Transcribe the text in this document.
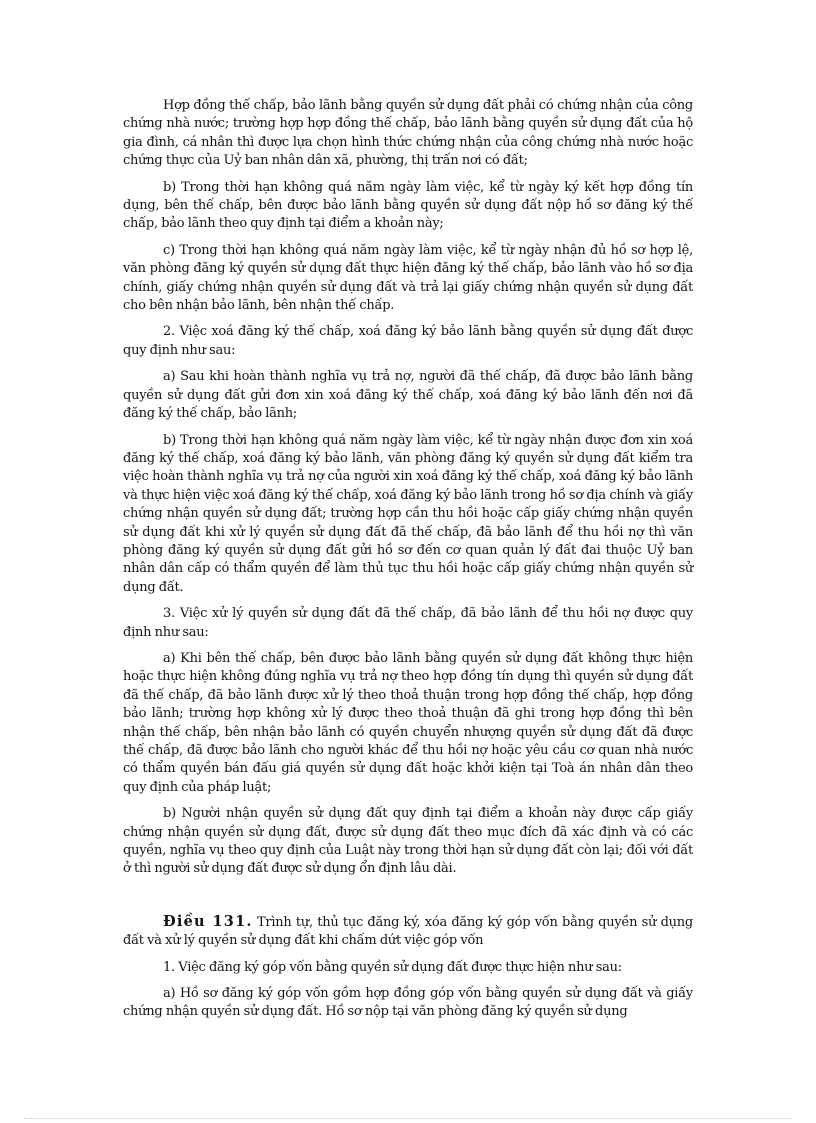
Hợp đồng thế chấp, bảo lãnh bằng quyền sử dụng đất phải có chứng nhận của công chứng nhà nước; trường hợp hợp đồng thế chấp, bảo lãnh bằng quyền sử dụng đất của hộ gia đình, cá nhân thì được lựa chọn hình thức chứng nhận của công chứng nhà nước hoặc chứng thực của Uỷ ban nhân dân xã, phường, thị trấn nơi có đất;

b) Trong thời hạn không quá năm ngày làm việc, kể từ ngày ký kết hợp đồng tín dụng, bên thế chấp, bên được bảo lãnh bằng quyền sử dụng đất nộp hồ sơ đăng ký thế chấp, bảo lãnh theo quy định tại điểm a khoản này;

c) Trong thời hạn không quá năm ngày làm việc, kể từ ngày nhận đủ hồ sơ hợp lệ, văn phòng đăng ký quyền sử dụng đất thực hiện đăng ký thế chấp, bảo lãnh vào hồ sơ địa chính, giấy chứng nhận quyền sử dụng đất và trả lại giấy chứng nhận quyền sử dụng đất cho bên nhận bảo lãnh, bên nhận thế chấp.

2. Việc xoá đăng ký thế chấp, xoá đăng ký bảo lãnh bằng quyền sử dụng đất được quy định như sau:

a) Sau khi hoàn thành nghĩa vụ trả nợ, người đã thế chấp, đã được bảo lãnh bằng quyền sử dụng đất gửi đơn xin xoá đăng ký thế chấp, xoá đăng ký bảo lãnh đến nơi đã đăng ký thế chấp, bảo lãnh;

b) Trong thời hạn không quá năm ngày làm việc, kể từ ngày nhận được đơn xin xoá đăng ký thế chấp, xoá đăng ký bảo lãnh, văn phòng đăng ký quyền sử dụng đất kiểm tra việc hoàn thành nghĩa vụ trả nợ của người xin xoá đăng ký thế chấp, xoá đăng ký bảo lãnh và thực hiện việc xoá đăng ký thế chấp, xoá đăng ký bảo lãnh trong hồ sơ địa chính và giấy chứng nhận quyền sử dụng đất; trường hợp cần thu hồi hoặc cấp giấy chứng nhận quyền sử dụng đất khi xử lý quyền sử dụng đất đã thế chấp, đã bảo lãnh để thu hồi nợ thì văn phòng đăng ký quyền sử dụng đất gửi hồ sơ đến cơ quan quản lý đất đai thuộc Uỷ ban nhân dân cấp có thẩm quyền để làm thủ tục thu hồi hoặc cấp giấy chứng nhận quyền sử dụng đất.

3. Việc xử lý quyền sử dụng đất đã thế chấp, đã bảo lãnh để thu hồi nợ được quy định như sau:

a) Khi bên thế chấp, bên được bảo lãnh bằng quyền sử dụng đất không thực hiện hoặc thực hiện không đúng nghĩa vụ trả nợ theo hợp đồng tín dụng thì quyền sử dụng đất đã thế chấp, đã bảo lãnh được xử lý theo thoả thuận trong hợp đồng thế chấp, hợp đồng bảo lãnh; trường hợp không xử lý được theo thoả thuận đã ghi trong hợp đồng thì bên nhận thế chấp, bên nhận bảo lãnh có quyền chuyển nhượng quyền sử dụng đất đã được thế chấp, đã được bảo lãnh cho người khác để thu hồi nợ hoặc yêu cầu cơ quan nhà nước có thẩm quyền bán đấu giá quyền sử dụng đất hoặc khởi kiện tại Toà án nhân dân theo quy định của pháp luật;

b) Người nhận quyền sử dụng đất quy định tại điểm a khoản này được cấp giấy chứng nhận quyền sử dụng đất, được sử dụng đất theo mục đích đã xác định và có các quyền, nghĩa vụ theo quy định của Luật này trong thời hạn sử dụng đất còn lại; đối với đất ở thì người sử dụng đất được sử dụng ổn định lâu dài.

Điều 131. Trình tự, thủ tục đăng ký, xóa đăng ký góp vốn bằng quyền sử dụng đất và xử lý quyền sử dụng đất khi chấm dứt việc góp vốn

1. Việc đăng ký góp vốn bằng quyền sử dụng đất được thực hiện như sau:

a) Hồ sơ đăng ký góp vốn gồm hợp đồng góp vốn bằng quyền sử dụng đất và giấy chứng nhận quyền sử dụng đất. Hồ sơ nộp tại văn phòng đăng ký quyền sử dụng
